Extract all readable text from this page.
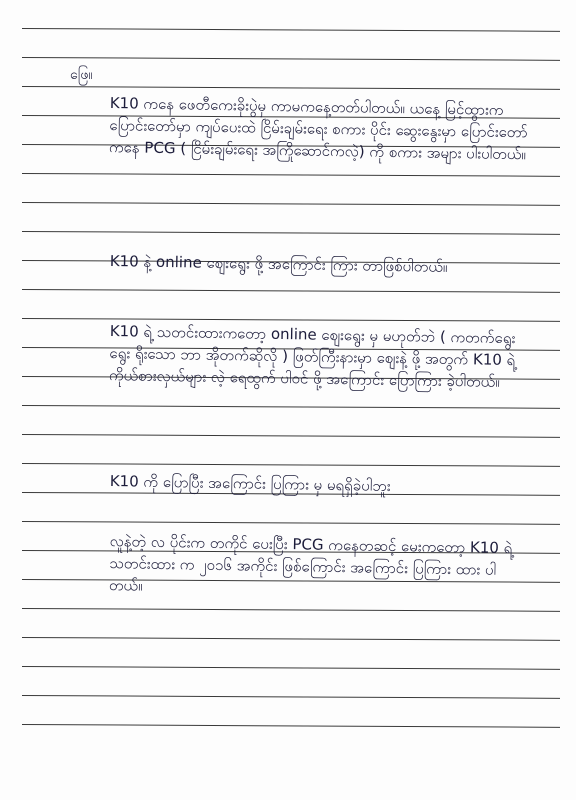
ဖြေ။

K10 ကနေ ဖေတီကေးခိုးပွဲမှ ကာမကနေ့တတ်ပါတယ်။ ယနေ့ မြင့်ထွားက ပြောင်းတော်မှာ ကျပ်ပေးထဲ ငြိမ်းချမ်းရေး စကား ပိုင်း ဆွေးနွေးမှာ ပြောင်းတော် ကနေ PCG ( ငြိမ်းချမ်းရေး အကြိုဆောင်ကလဲ့) ကို စကား အများ ပါးပါတယ်။

K10 နဲ့ online ဈေးရွေး ဖို့ အကြောင်း ကြား တာဖြစ်ပါတယ်။

K10 ရဲ့ သတင်းထားကတော့ online ဈေးရွေး မှ မဟုတ်ဘဲ ( ကတက်ရွေးရွေး ရိုးသော ဘာ အိုတက်ဆိုလို ) ဖြတ်ကြီးနားမှာ ဈေးနဲ့ ဖို့ အတွက် K10 ရဲ့ ကိုယ်စားလှယ်များ လဲ့ ရေထွက် ပါဝင် ဖို့ အကြောင်း ပြောကြား ခဲ့ပါတယ်။

K10 ကို ပြောပြီး အကြောင်း ပြကြား မှ မရရှိခဲ့ပါဘူး

လူနဲ့တဲ့ လ ပိုင်းက တကိုင် ပေးပြီး PCG ကနေတဆင့် မေးကတော့ K10 ရဲ့ သတင်းထား က ၂၀၁၆ အကိုင်း ဖြစ်ကြောင်း အကြောင်း ပြကြား ထား ပါတယ်။
